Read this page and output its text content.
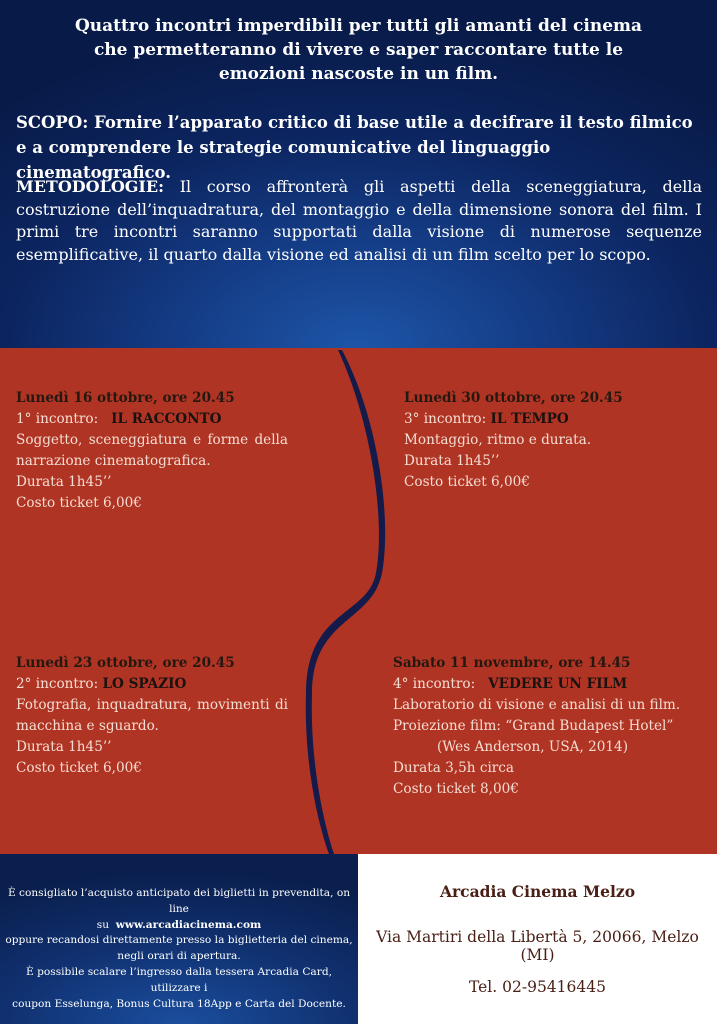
Quattro incontri imperdibili per tutti gli amanti del cinema
che permetteranno di vivere e saper raccontare tutte le
emozioni nascoste in un film.
SCOPO: Fornire l’apparato critico di base utile a decifrare il testo filmico e a comprendere le strategie comunicative del linguaggio cinematografico.
METODOLOGIE: Il corso affronterà gli aspetti della sceneggiatura, della costruzione dell’inquadratura, del montaggio e della dimensione sonora del film. I primi tre incontri saranno supportati dalla visione di numerose sequenze esemplificative, il quarto dalla visione ed analisi di un film scelto per lo scopo.
Lunedì 16 ottobre, ore 20.45
1° incontro: IL RACCONTO
Soggetto, sceneggiatura e forme della narrazione cinematografica.
Durata 1h45’’
Costo ticket 6,00€
Lunedì 30 ottobre, ore 20.45
3° incontro: IL TEMPO
Montaggio, ritmo e durata.
Durata 1h45’’
Costo ticket 6,00€
Lunedì 23 ottobre, ore 20.45
2° incontro: LO SPAZIO
Fotografia, inquadratura, movimenti di macchina e sguardo.
Durata 1h45’’
Costo ticket 6,00€
Sabato 11 novembre, ore 14.45
4° incontro: VEDERE UN FILM
Laboratorio di visione e analisi di un film.
Proiezione film: “Grand Budapest Hotel”
(Wes Anderson, USA, 2014)
Durata 3,5h circa
Costo ticket 8,00€
È consigliato l’acquisto anticipato dei biglietti in prevendita, on line
su www.arcadiacinema.com
oppure recandosi direttamente presso la biglietteria del cinema,
negli orari di apertura.
È possibile scalare l’ingresso dalla tessera Arcadia Card, utilizzare i
coupon Esselunga, Bonus Cultura 18App e Carta del Docente.
Arcadia Cinema Melzo
Via Martiri della Libertà 5, 20066, Melzo (MI)
Tel. 02-95416445
